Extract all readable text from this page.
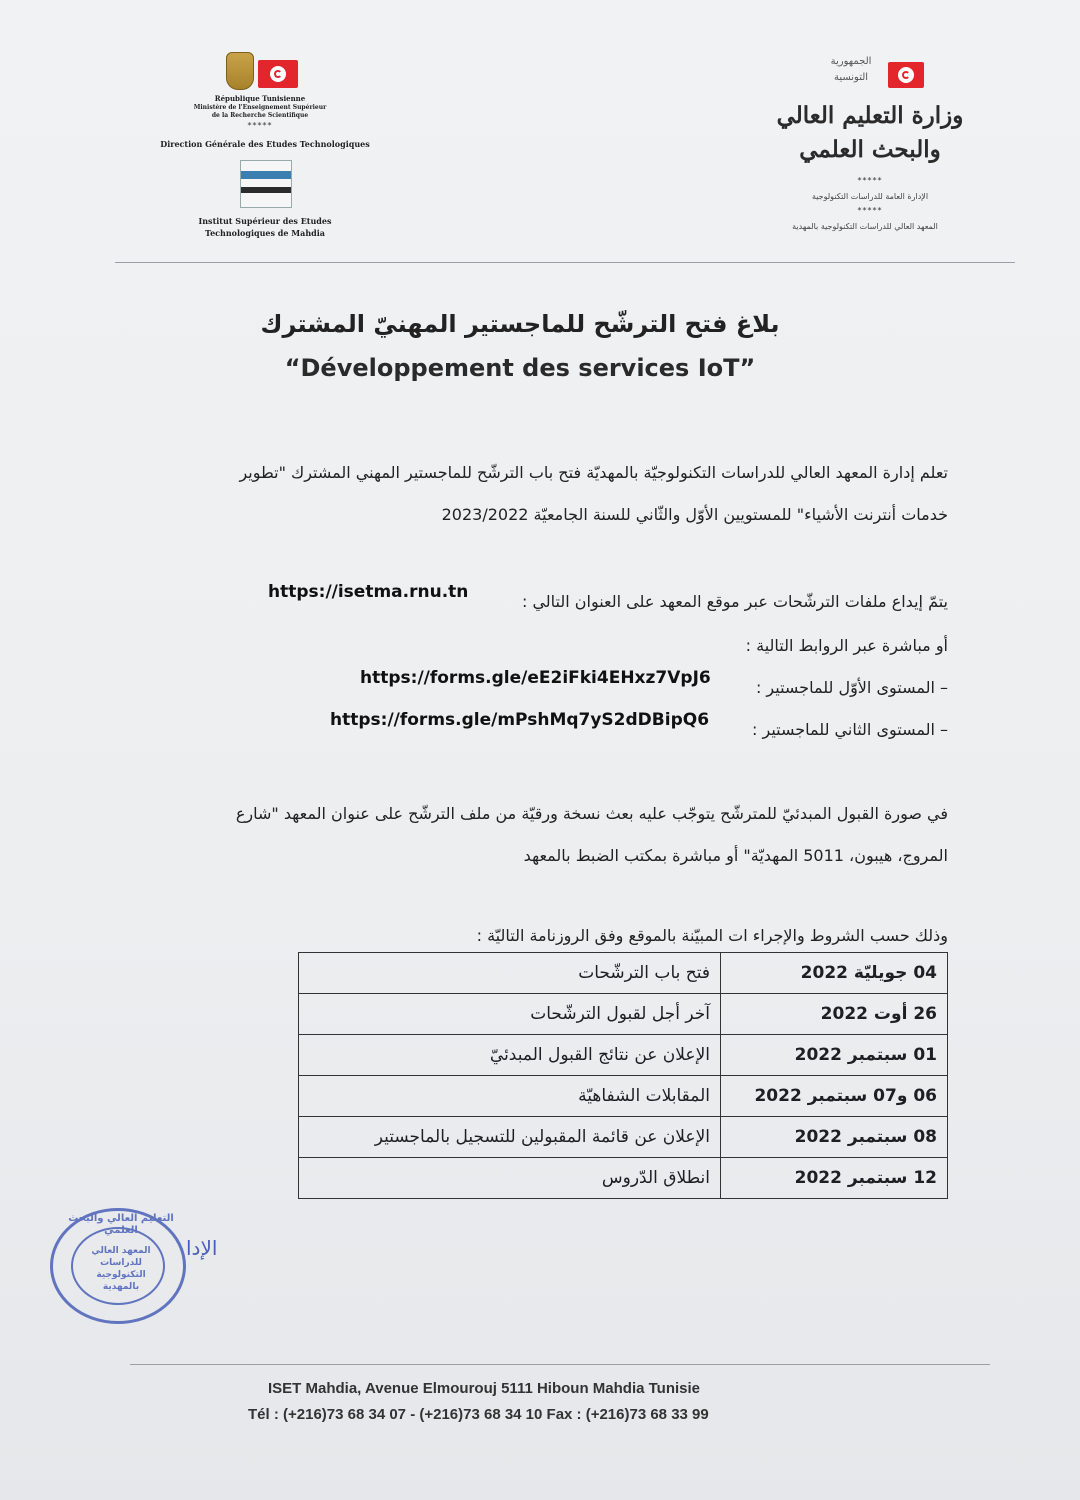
République Tunisienne
Ministère de l'Enseignement Supérieur
de la Recherche Scientifique
*****
Direction Générale des Etudes Technologiques
Institut Supérieur des Etudes
Technologiques de Mahdia
الجمهورية
التونسية
وزارة التعليم العالي
والبحث العلمي
*****
الإدارة العامة للدراسات التكنولوجية
*****
المعهد العالي للدراسات التكنولوجية بالمهدية
بلاغ فتح الترشّح للماجستير المهنيّ المشترك
“Développement des services IoT”
تعلم إدارة المعهد العالي للدراسات التكنولوجيّة بالمهديّة فتح باب الترشّح للماجستير المهني المشترك "تطوير
خدمات أنترنت الأشياء" للمستويين الأوّل والثّاني للسنة الجامعيّة 2023/2022
يتمّ إيداع ملفات الترشّحات عبر موقع المعهد على العنوان التالي :
https://isetma.rnu.tn
أو مباشرة عبر الروابط التالية :
– المستوى الأوّل للماجستير :
https://forms.gle/eE2iFki4EHxz7VpJ6
– المستوى الثاني للماجستير :
https://forms.gle/mPshMq7yS2dDBipQ6
في صورة القبول المبدئيّ للمترشّح يتوجّب عليه بعث نسخة ورقيّة من ملف الترشّح على عنوان المعهد "شارع
المروج، هيبون، 5011 المهديّة" أو مباشرة بمكتب الضبط بالمعهد
وذلك حسب الشروط والإجراء ات المبيّنة بالموقع وفق الروزنامة التاليّة :
04 جويليّة 2022	فتح باب الترشّحات
26 أوت 2022	آخر أجل لقبول الترشّحات
01 سبتمبر 2022	الإعلان عن نتائج القبول المبدئيّ
06 و07 سبتمبر 2022	المقابلات الشفاهيّة
08 سبتمبر 2022	الإعلان عن قائمة المقبولين للتسجيل بالماجستير
12 سبتمبر 2022	انطلاق الدّروس
التعليم العالي والبحث العلمي
المعهد العالي للدراسات التكنولوجية بالمهدية
الإدا
ISET Mahdia, Avenue Elmourouj 5111 Hiboun Mahdia Tunisie
Tél : (+216)73 68 34 07 - (+216)73 68 34 10 Fax : (+216)73 68 33 99
